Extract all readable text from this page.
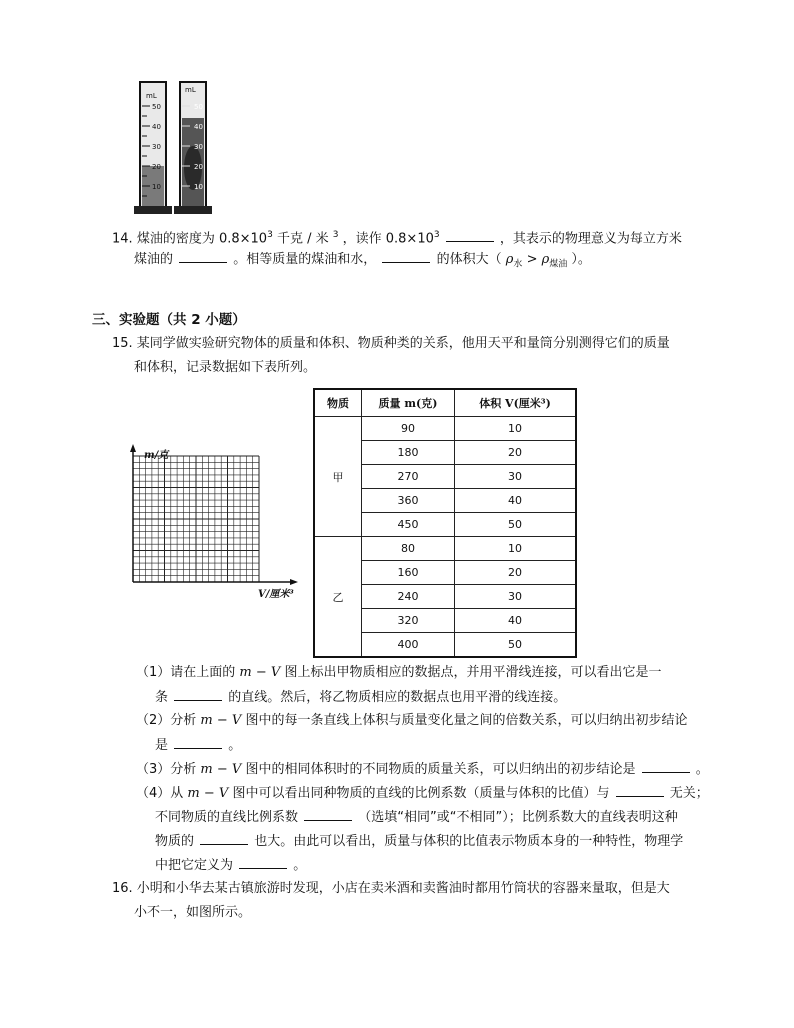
mL
50
40
30
20
10
mL
50
40
30
20
10
14. 煤油的密度为 $0.8\times 10^3$ 千克 / 米 $^3$ ，读作 $0.8\times 10^3$	，其表示的物理意义为每立方米
煤油的	。相等质量的煤油和水，	的体积大（ $\rho_水 > \rho_{煤油}$ ）。
三、实验题（共 2 小题）
15. 某同学做实验研究物体的质量和体积、物质种类的关系，他用天平和量筒分别测得它们的质量
和体积，记录数据如下表所列。
m/克
V/厘米³
物质	质量 m(克)	体积 V(厘米³)
甲	90	10
	180	20
	270	30
	360	40
	450	50
乙	80	10
	160	20
	240	30
	320	40
	400	50
（1）请在上面的 m − V 图上标出甲物质相应的数据点，并用平滑线连接，可以看出它是一
条	的直线。然后，将乙物质相应的数据点也用平滑的线连接。
（2）分析 m − V 图中的每一条直线上体积与质量变化量之间的倍数关系，可以归纳出初步结论
是	。
（3）分析 m − V 图中的相同体积时的不同物质的质量关系，可以归纳出的初步结论是	。
（4）从 m − V 图中可以看出同种物质的直线的比例系数（质量与体积的比值）与	无关；
不同物质的直线比例系数	（选填“相同”或“不相同”）；比例系数大的直线表明这种
物质的	也大。由此可以看出，质量与体积的比值表示物质本身的一种特性，物理学
中把它定义为	。
16. 小明和小华去某古镇旅游时发现，小店在卖米酒和卖酱油时都用竹筒状的容器来量取，但是大
小不一，如图所示。
